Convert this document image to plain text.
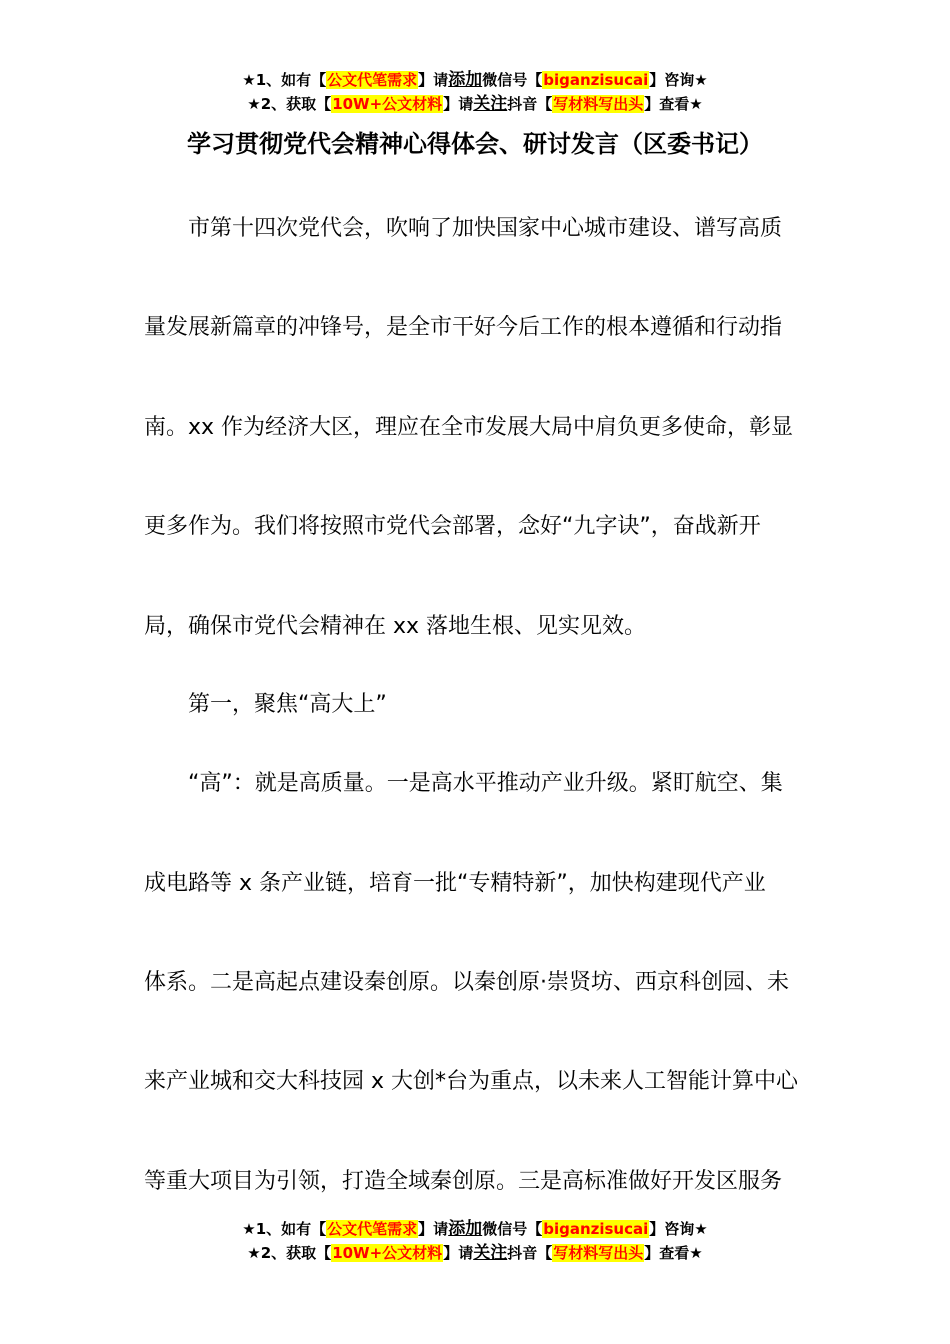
★1、如有【公文代笔需求】请添加微信号【biganzisucai】咨询★
★2、获取【10W+公文材料】请关注抖音【写材料写出头】查看★
学习贯彻党代会精神心得体会、研讨发言（区委书记）
市第十四次党代会，吹响了加快国家中心城市建设、谱写高质
量发展新篇章的冲锋号，是全市干好今后工作的根本遵循和行动指
南。xx 作为经济大区，理应在全市发展大局中肩负更多使命，彰显
更多作为。我们将按照市党代会部署，念好“九字诀”，奋战新开
局，确保市党代会精神在 xx 落地生根、见实见效。
第一，聚焦“高大上”
“高”：就是高质量。一是高水平推动产业升级。紧盯航空、集
成电路等 x 条产业链，培育一批“专精特新”，加快构建现代产业
体系。二是高起点建设秦创原。以秦创原·崇贤坊、西京科创园、未
来产业城和交大科技园 x 大创*台为重点，以未来人工智能计算中心
等重大项目为引领，打造全域秦创原。三是高标准做好开发区服务
★1、如有【公文代笔需求】请添加微信号【biganzisucai】咨询★
★2、获取【10W+公文材料】请关注抖音【写材料写出头】查看★
